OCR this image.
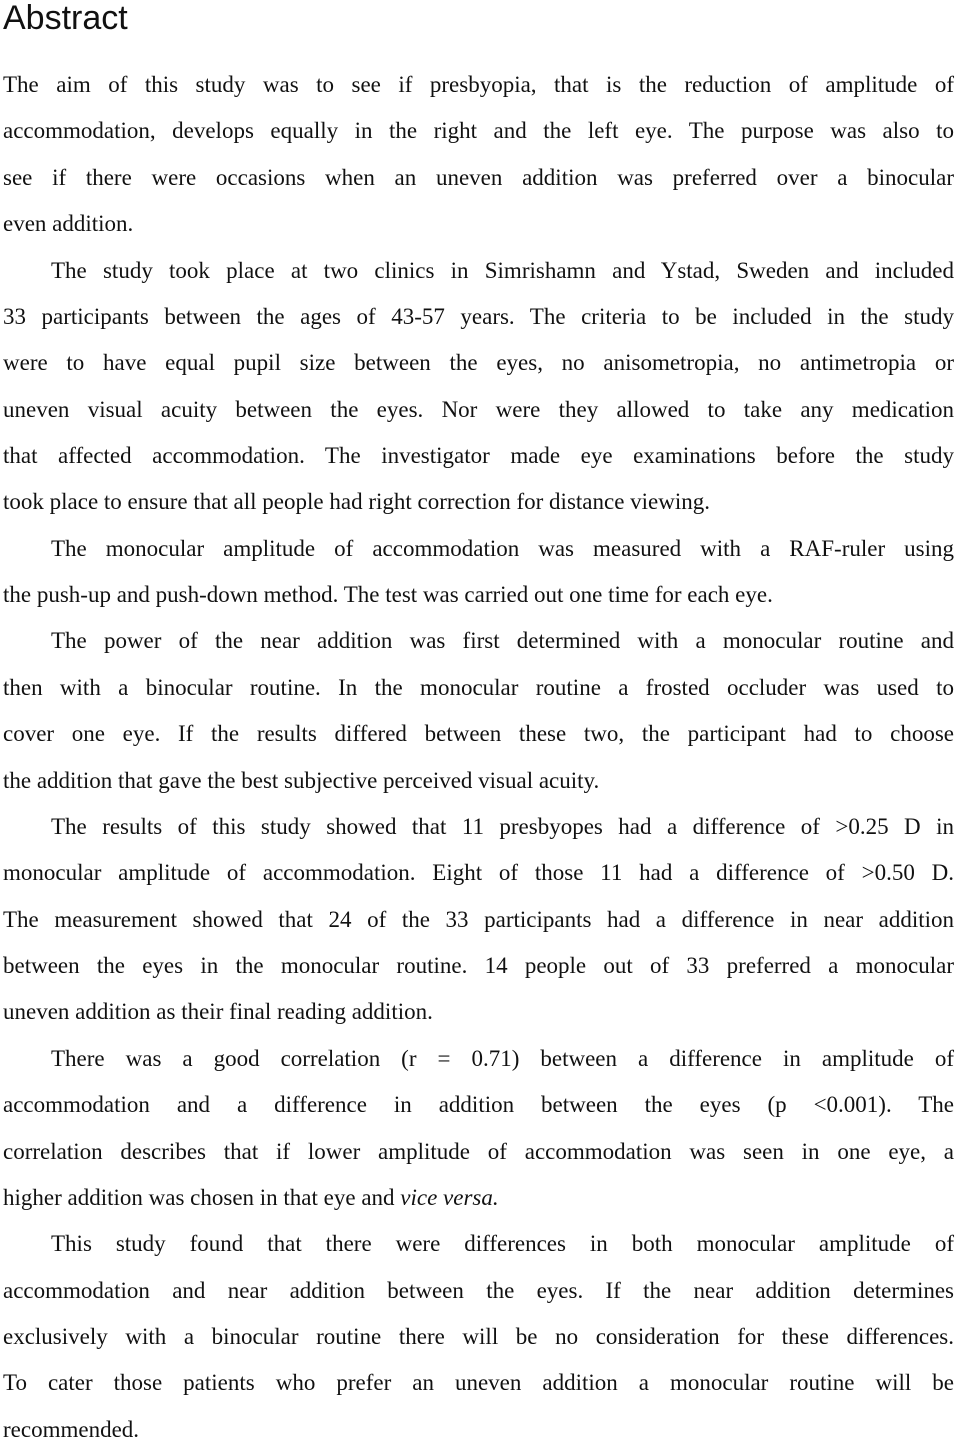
Abstract

The aim of this study was to see if presbyopia, that is the reduction of amplitude of

accommodation, develops equally in the right and the left eye. The purpose was also to

see if there were occasions when an uneven addition was preferred over a binocular

even addition.

The study took place at two clinics in Simrishamn and Ystad, Sweden and included

33 participants between the ages of 43-57 years. The criteria to be included in the study

were to have equal pupil size between the eyes, no anisometropia, no antimetropia or

uneven visual acuity between the eyes. Nor were they allowed to take any medication

that affected accommodation. The investigator made eye examinations before the study

took place to ensure that all people had right correction for distance viewing.

The monocular amplitude of accommodation was measured with a RAF-ruler using

the push-up and push-down method. The test was carried out one time for each eye.

The power of the near addition was first determined with a monocular routine and

then with a binocular routine. In the monocular routine a frosted occluder was used to

cover one eye. If the results differed between these two, the participant had to choose

the addition that gave the best subjective perceived visual acuity.

The results of this study showed that 11 presbyopes had a difference of >0.25 D in

monocular amplitude of accommodation. Eight of those 11 had a difference of >0.50 D.

The measurement showed that 24 of the 33 participants had a difference in near addition

between the eyes in the monocular routine. 14 people out of 33 preferred a monocular

uneven addition as their final reading addition.

There was a good correlation (r = 0.71) between a difference in amplitude of

accommodation and a difference in addition between the eyes (p <0.001). The

correlation describes that if lower amplitude of accommodation was seen in one eye, a

higher addition was chosen in that eye and vice versa.

This study found that there were differences in both monocular amplitude of

accommodation and near addition between the eyes. If the near addition determines

exclusively with a binocular routine there will be no consideration for these differences.

To cater those patients who prefer an uneven addition a monocular routine will be

recommended.
